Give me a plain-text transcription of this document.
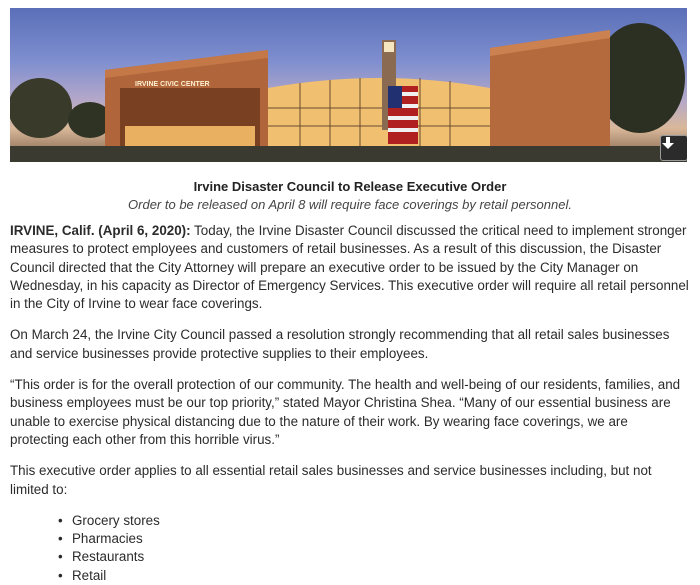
IRVINE CIVIC CENTER
Irvine Disaster Council to Release Executive Order
Order to be released on April 8 will require face coverings by retail personnel.

IRVINE, Calif. (April 6, 2020): Today, the Irvine Disaster Council discussed the critical need to implement stronger measures to protect employees and customers of retail businesses. As a result of this discussion, the Disaster Council directed that the City Attorney will prepare an executive order to be issued by the City Manager on Wednesday, in his capacity as Director of Emergency Services. This executive order will require all retail personnel in the City of Irvine to wear face coverings.

On March 24, the Irvine City Council passed a resolution strongly recommending that all retail sales businesses and service businesses provide protective supplies to their employees.

“This order is for the overall protection of our community. The health and well-being of our residents, families, and business employees must be our top priority,” stated Mayor Christina Shea. “Many of our essential business are unable to exercise physical distancing due to the nature of their work. By wearing face coverings, we are protecting each other from this horrible virus.”

This executive order applies to all essential retail sales businesses and service businesses including, but not limited to:

• Grocery stores
• Pharmacies
• Restaurants
• Retail
